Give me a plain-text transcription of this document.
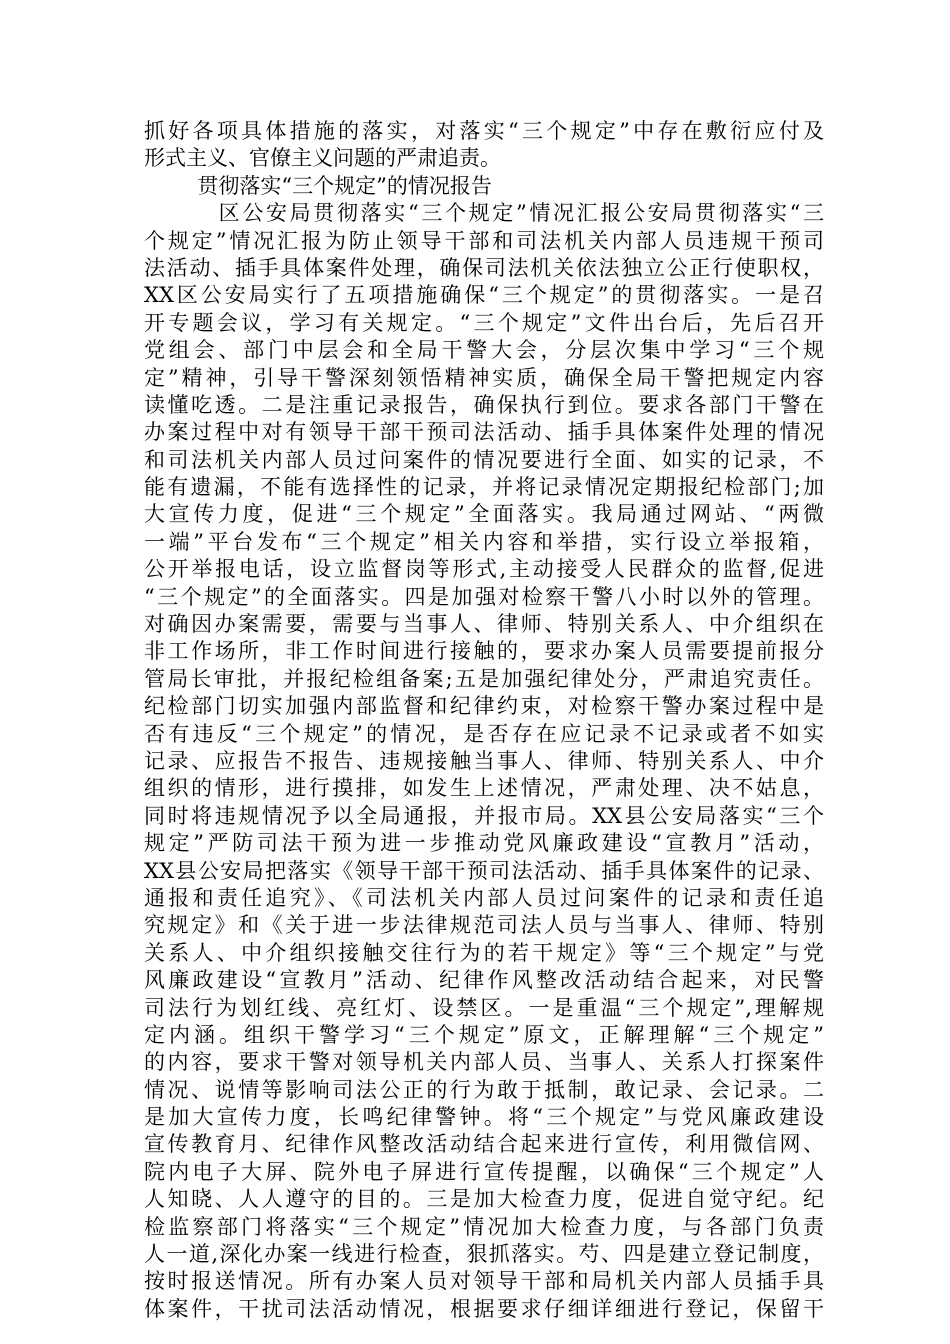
抓好各项具体措施的落实，对落实“三个规定”中存在敷衍应付及
形式主义、官僚主义问题的严肃追责。
贯彻落实“三个规定”的情况报告
区公安局贯彻落实“三个规定”情况汇报公安局贯彻落实“三
个规定”情况汇报为防止领导干部和司法机关内部人员违规干预司
法活动、插手具体案件处理，确保司法机关依法独立公正行使职权，
XX区公安局实行了五项措施确保“三个规定”的贯彻落实。一是召
开专题会议，学习有关规定。“三个规定”文件出台后，先后召开
党组会、部门中层会和全局干警大会，分层次集中学习“三个规
定”精神，引导干警深刻领悟精神实质，确保全局干警把规定内容
读懂吃透。二是注重记录报告，确保执行到位。要求各部门干警在
办案过程中对有领导干部干预司法活动、插手具体案件处理的情况
和司法机关内部人员过问案件的情况要进行全面、如实的记录，不
能有遗漏，不能有选择性的记录，并将记录情况定期报纪检部门;加
大宣传力度，促进“三个规定”全面落实。我局通过网站、“两微
一端”平台发布“三个规定”相关内容和举措，实行设立举报箱，
公开举报电话，设立监督岗等形式,主动接受人民群众的监督,促进
“三个规定”的全面落实。四是加强对检察干警八小时以外的管理。
对确因办案需要，需要与当事人、律师、特别关系人、中介组织在
非工作场所，非工作时间进行接触的，要求办案人员需要提前报分
管局长审批，并报纪检组备案;五是加强纪律处分，严肃追究责任。
纪检部门切实加强内部监督和纪律约束，对检察干警办案过程中是
否有违反“三个规定”的情况，是否存在应记录不记录或者不如实
记录、应报告不报告、违规接触当事人、律师、特别关系人、中介
组织的情形，进行摸排，如发生上述情况，严肃处理、决不姑息，
同时将违规情况予以全局通报，并报市局。XX县公安局落实“三个
规定”严防司法干预为进一步推动党风廉政建设“宣教月”活动，
XX县公安局把落实《领导干部干预司法活动、插手具体案件的记录、
通报和责任追究》、《司法机关内部人员过问案件的记录和责任追
究规定》和《关于进一步法律规范司法人员与当事人、律师、特别
关系人、中介组织接触交往行为的若干规定》等“三个规定”与党
风廉政建设“宣教月”活动、纪律作风整改活动结合起来，对民警
司法行为划红线、亮红灯、设禁区。一是重温“三个规定”,理解规
定内涵。组织干警学习“三个规定”原文，正解理解“三个规定”
的内容，要求干警对领导机关内部人员、当事人、关系人打探案件
情况、说情等影响司法公正的行为敢于抵制，敢记录、会记录。二
是加大宣传力度，长鸣纪律警钟。将“三个规定”与党风廉政建设
宣传教育月、纪律作风整改活动结合起来进行宣传，利用微信网、
院内电子大屏、院外电子屏进行宣传提醒，以确保“三个规定”人
人知晓、人人遵守的目的。三是加大检查力度，促进自觉守纪。纪
检监察部门将落实“三个规定”情况加大检查力度，与各部门负责
人一道,深化办案一线进行检查，狠抓落实。芍、四是建立登记制度，
按时报送情况。所有办案人员对领导干部和局机关内部人员插手具
体案件，干扰司法活动情况，根据要求仔细详细进行登记，保留干
